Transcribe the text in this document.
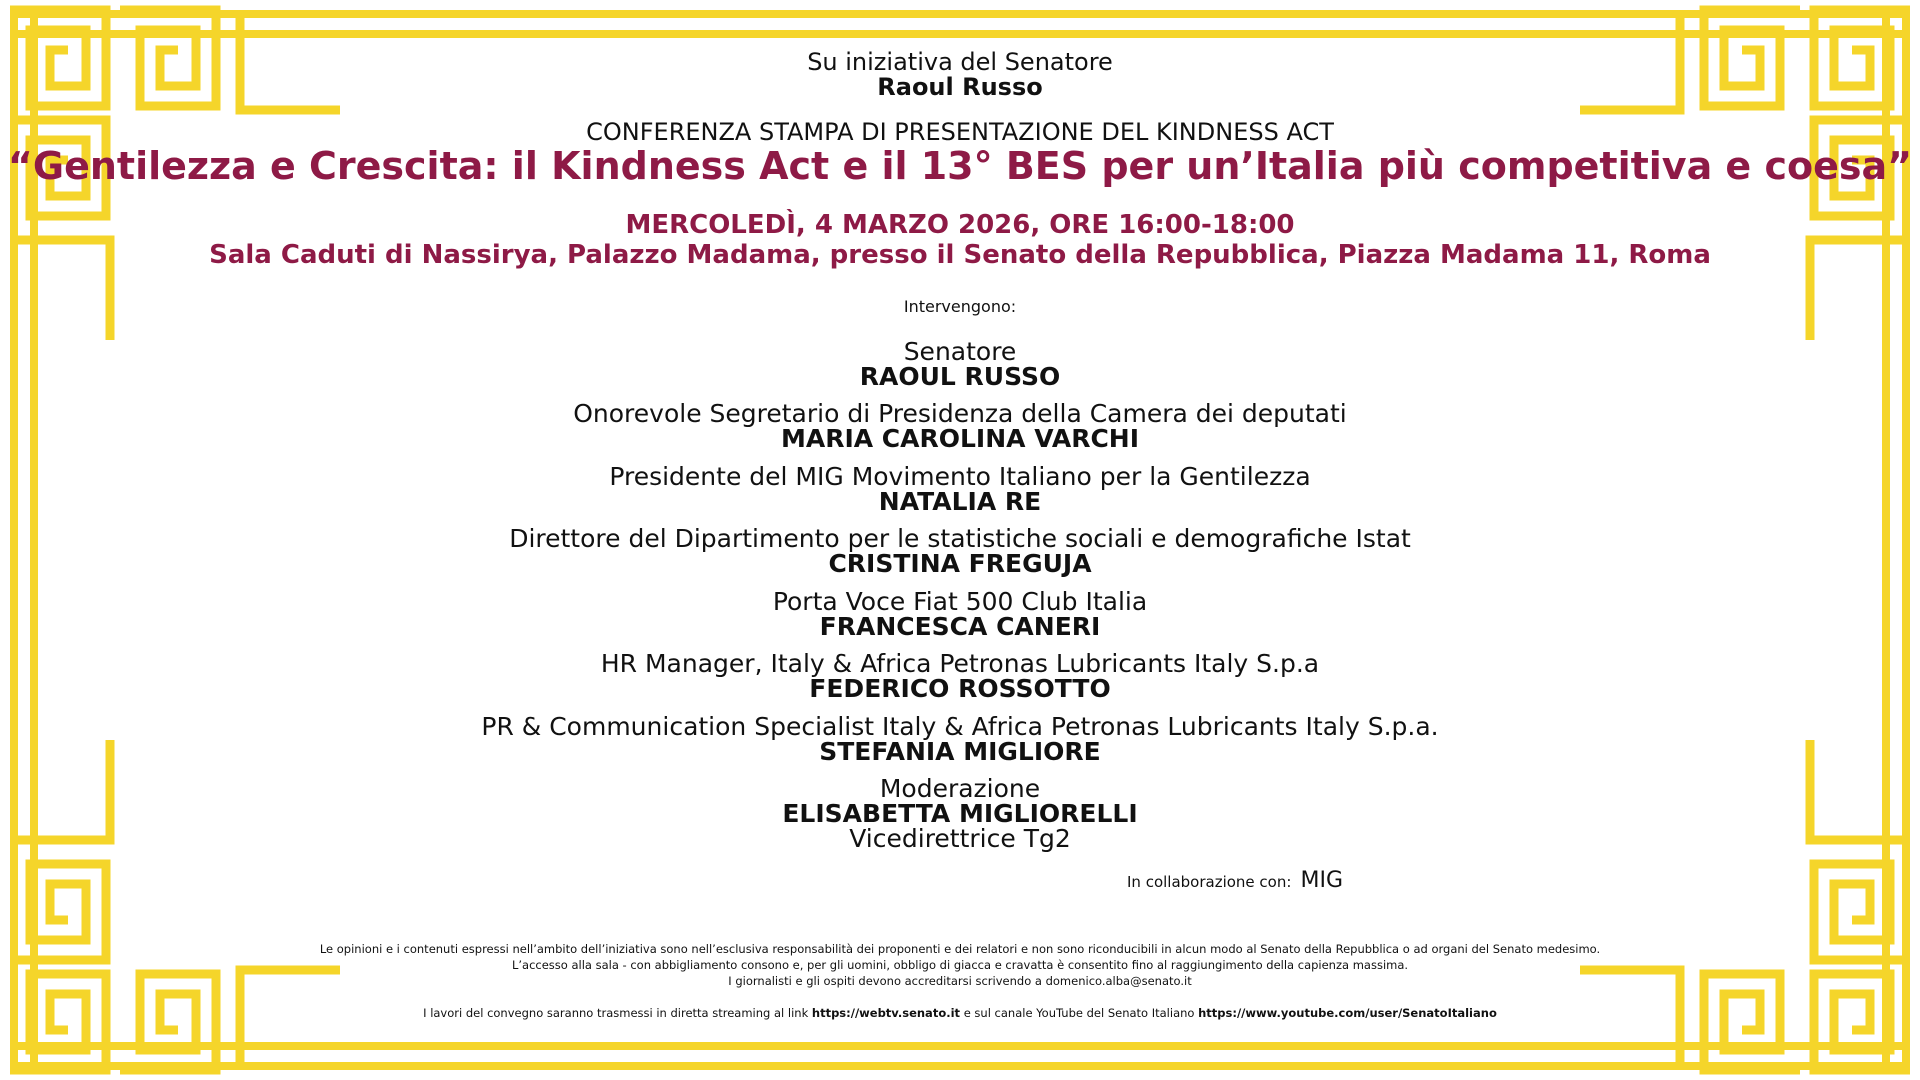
Su iniziativa del Senatore
Raoul Russo
CONFERENZA STAMPA DI PRESENTAZIONE DEL KINDNESS ACT
“Gentilezza e Crescita: il Kindness Act e il 13° BES per un’Italia più competitiva e coesa”
MERCOLEDÌ, 4 MARZO 2026, ORE 16:00-18:00
Sala Caduti di Nassirya, Palazzo Madama, presso il Senato della Repubblica, Piazza Madama 11, Roma
Intervengono:
Senatore
RAOUL RUSSO
Onorevole Segretario di Presidenza della Camera dei deputati
MARIA CAROLINA VARCHI
Presidente del MIG Movimento Italiano per la Gentilezza
NATALIA RE
Direttore del Dipartimento per le statistiche sociali e demografiche Istat
CRISTINA FREGUJA
Porta Voce Fiat 500 Club Italia
FRANCESCA CANERI
HR Manager, Italy & Africa Petronas Lubricants Italy S.p.a
FEDERICO ROSSOTTO
PR & Communication Specialist Italy & Africa Petronas Lubricants Italy S.p.a.
STEFANIA MIGLIORE
Moderazione
ELISABETTA MIGLIORELLI
Vicedirettrice Tg2
In collaborazione con: MIG
Le opinioni e i contenuti espressi nell’ambito dell’iniziativa sono nell’esclusiva responsabilità dei proponenti e dei relatori e non sono riconducibili in alcun modo al Senato della Repubblica o ad organi del Senato medesimo.
L’accesso alla sala - con abbigliamento consono e, per gli uomini, obbligo di giacca e cravatta è consentito fino al raggiungimento della capienza massima.
I giornalisti e gli ospiti devono accreditarsi scrivendo a domenico.alba@senato.it
I lavori del convegno saranno trasmessi in diretta streaming al link https://webtv.senato.it e sul canale YouTube del Senato Italiano https://www.youtube.com/user/SenatoItaliano
